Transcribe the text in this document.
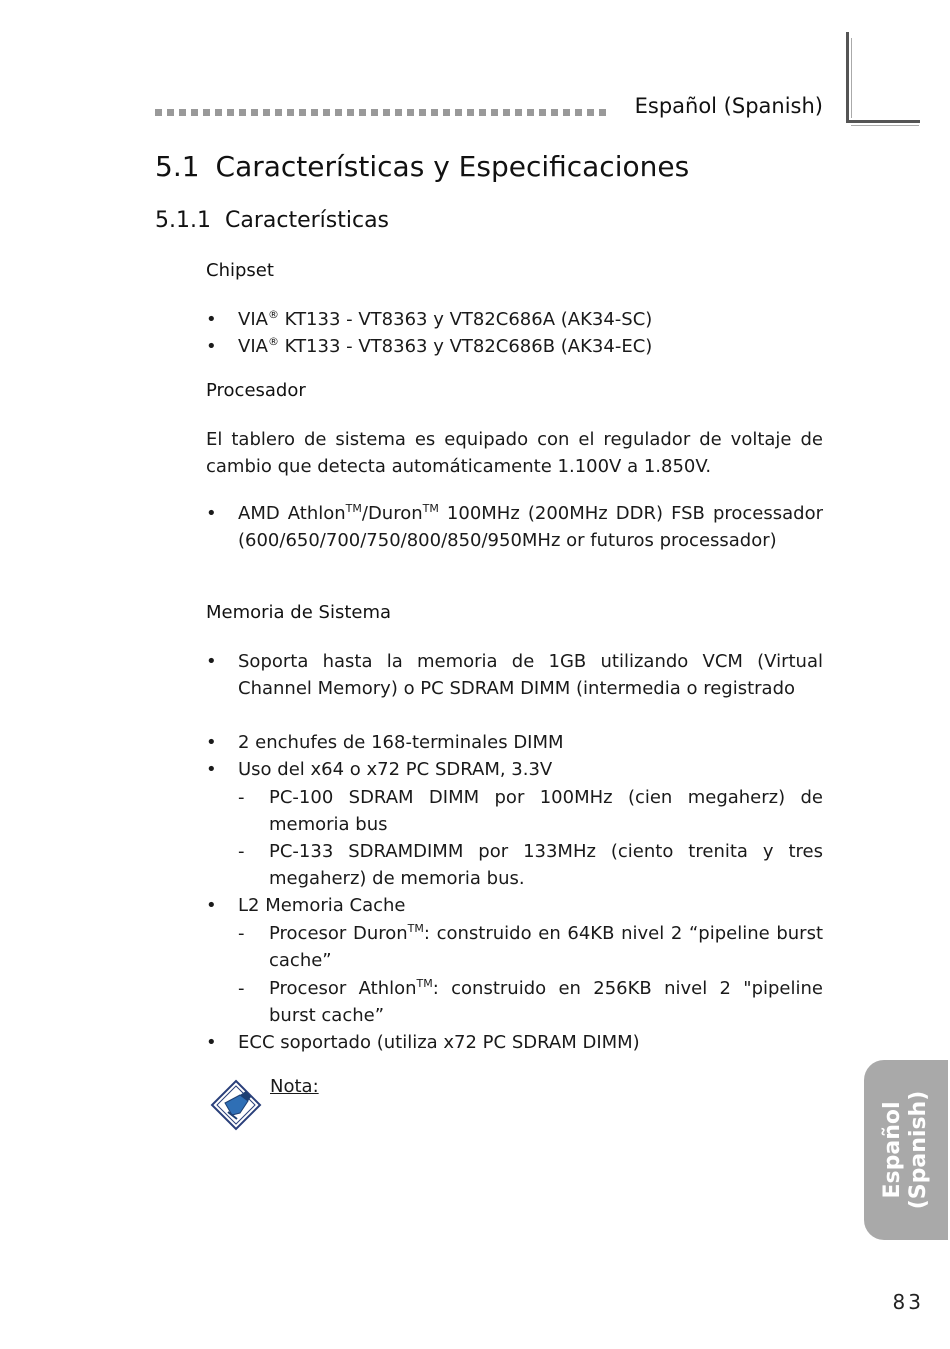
Español (Spanish)
5.1 Características y Especificaciones
5.1.1 Características
Chipset
•	VIA® KT133 - VT8363 y VT82C686A (AK34-SC)
•	VIA® KT133 - VT8363 y VT82C686B (AK34-EC)
Procesador
El tablero de sistema es equipado con el regulador de voltaje de cambio que detecta automáticamente 1.100V a 1.850V.
•	AMD Athlon™/Duron™ 100MHz (200MHz DDR) FSB processador (600/650/700/750/800/850/950MHz or futuros processador)
Memoria de Sistema
•	Soporta hasta la memoria de 1GB utilizando VCM (Virtual Channel Memory) o PC SDRAM DIMM (intermedia o registrado
•	2 enchufes de 168-terminales DIMM
•	Uso del x64 o x72 PC SDRAM, 3.3V
- PC-100 SDRAM DIMM por 100MHz (cien megaherz) de memoria bus
- PC-133 SDRAMDIMM por 133MHz (ciento trenita y tres megaherz) de memoria bus.
•	L2 Memoria Cache
- Procesor Duron™: construido en 64KB nivel 2 “pipeline burst cache”
- Procesor Athlon™: construido en 256KB nivel 2 "pipeline burst cache”
•	ECC soportado (utiliza x72 PC SDRAM DIMM)
Nota:
Español (Spanish)
83
